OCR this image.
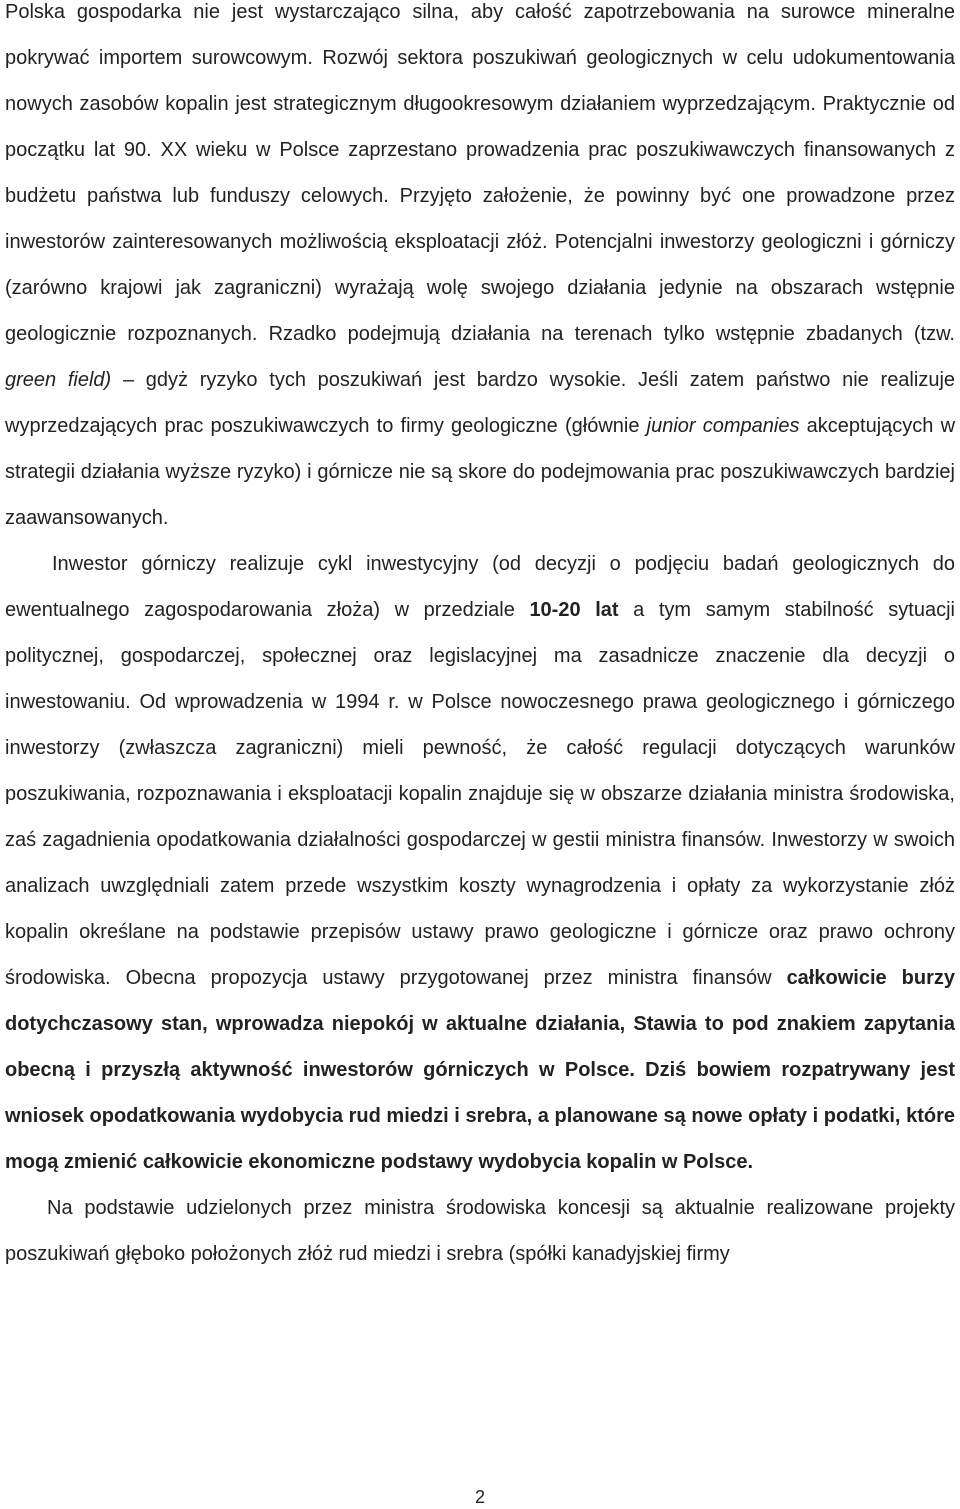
Polska gospodarka nie jest wystarczająco silna, aby całość zapotrzebowania na surowce mineralne pokrywać importem surowcowym. Rozwój sektora poszukiwań geologicznych w celu udokumentowania nowych zasobów kopalin jest strategicznym długookresowym działaniem wyprzedzającym. Praktycznie od początku lat 90. XX wieku w Polsce zaprzestano prowadzenia prac poszukiwawczych finansowanych z budżetu państwa lub funduszy celowych. Przyjęto założenie, że powinny być one prowadzone przez inwestorów zainteresowanych możliwością eksploatacji złóż. Potencjalni inwestorzy geologiczni i górniczy (zarówno krajowi jak zagraniczni) wyrażają wolę swojego działania jedynie na obszarach wstępnie geologicznie rozpoznanych. Rzadko podejmują działania na terenach tylko wstępnie zbadanych (tzw. green field) – gdyż ryzyko tych poszukiwań jest bardzo wysokie. Jeśli zatem państwo nie realizuje wyprzedzających prac poszukiwawczych to firmy geologiczne (głównie junior companies akceptujących w strategii działania wyższe ryzyko) i górnicze nie są skore do podejmowania prac poszukiwawczych bardziej zaawansowanych.

Inwestor górniczy realizuje cykl inwestycyjny (od decyzji o podjęciu badań geologicznych do ewentualnego zagospodarowania złoża) w przedziale 10-20 lat a tym samym stabilność sytuacji politycznej, gospodarczej, społecznej oraz legislacyjnej ma zasadnicze znaczenie dla decyzji o inwestowaniu. Od wprowadzenia w 1994 r. w Polsce nowoczesnego prawa geologicznego i górniczego inwestorzy (zwłaszcza zagraniczni) mieli pewność, że całość regulacji dotyczących warunków poszukiwania, rozpoznawania i eksploatacji kopalin znajduje się w obszarze działania ministra środowiska, zaś zagadnienia opodatkowania działalności gospodarczej w gestii ministra finansów. Inwestorzy w swoich analizach uwzględniali zatem przede wszystkim koszty wynagrodzenia i opłaty za wykorzystanie złóż kopalin określane na podstawie przepisów ustawy prawo geologiczne i górnicze oraz prawo ochrony środowiska. Obecna propozycja ustawy przygotowanej przez ministra finansów całkowicie burzy dotychczasowy stan, wprowadza niepokój w aktualne działania, Stawia to pod znakiem zapytania obecną i przyszłą aktywność inwestorów górniczych w Polsce. Dziś bowiem rozpatrywany jest wniosek opodatkowania wydobycia rud miedzi i srebra, a planowane są nowe opłaty i podatki, które mogą zmienić całkowicie ekonomiczne podstawy wydobycia kopalin w Polsce.

Na podstawie udzielonych przez ministra środowiska koncesji są aktualnie realizowane projekty poszukiwań głęboko położonych złóż rud miedzi i srebra (spółki kanadyjskiej firmy

2
